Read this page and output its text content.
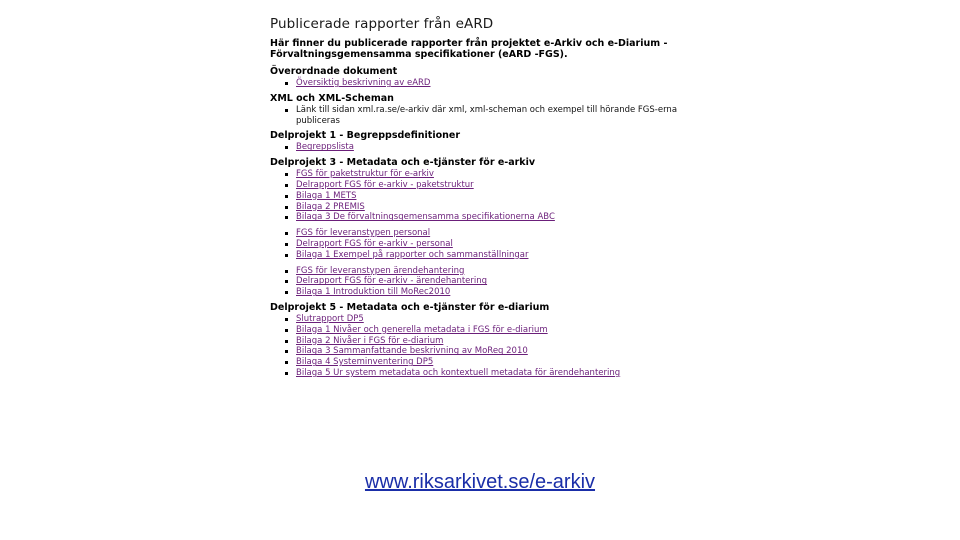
Publicerade rapporter från eARD

Här finner du publicerade rapporter från projektet e-Arkiv och e-Diarium - Förvaltningsgemensamma specifikationer (eARD -FGS).

Överordnade dokument
Översiktig beskrivning av eARD
XML och XML-Scheman
Länk till sidan xml.ra.se/e-arkiv där xml, xml-scheman och exempel till hörande FGS-erna publiceras
Delprojekt 1 - Begreppsdefinitioner
Begreppslista
Delprojekt 3 - Metadata och e-tjänster för e-arkiv
FGS för paketstruktur för e-arkiv
Delrapport FGS för e-arkiv - paketstruktur
Bilaga 1 METS
Bilaga 2 PREMIS
Bilaga 3 De förvaltningsgemensamma specifikationerna ABC
FGS för leveranstypen personal
Delrapport FGS för e-arkiv - personal
Bilaga 1 Exempel på rapporter och sammanställningar
FGS för leveranstypen ärendehantering
Delrapport FGS för e-arkiv - ärendehantering
Bilaga 1 Introduktion till MoRec2010
Delprojekt 5 - Metadata och e-tjänster för e-diarium
Slutrapport DP5
Bilaga 1 Nivåer och generella metadata i FGS för e-diarium
Bilaga 2 Nivåer i FGS för e-diarium
Bilaga 3 Sammanfattande beskrivning av MoReq 2010
Bilaga 4 Systeminventering DP5
Bilaga 5 Ur system metadata och kontextuell metadata för ärendehantering
www.riksarkivet.se/e-arkiv
